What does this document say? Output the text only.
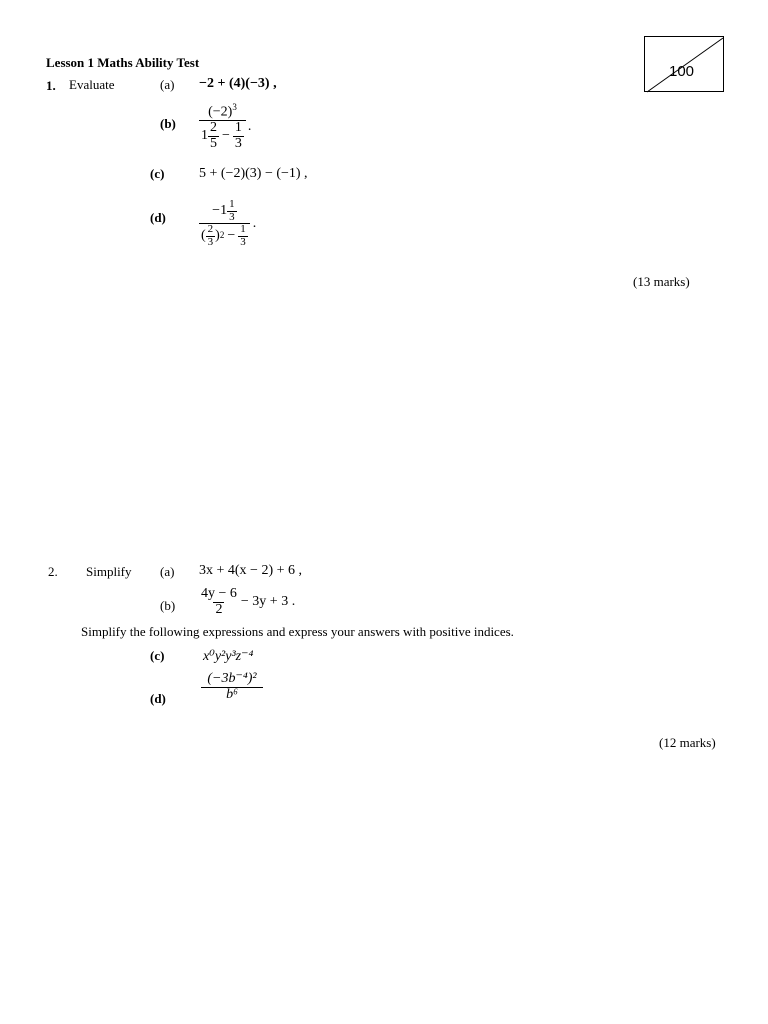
Lesson 1 Maths Ability Test
100
1. Evaluate	(a) −2 + (4)(−3) ,
(b)
$(-2)^3$
$1 \frac{2}{5} - \frac{1}{3}$ .
(c) 5 + (−2)(3) − (−1) ,
(d)	$-1 \frac{1}{3}$
( $\frac{2}{3}$ ) $2 - \frac{1}{3}$
.
(13 marks)
2. Simplify (a) 3x + 4(x − 2) + 6 ,
$(b) \frac{4y - 6}{2} - 3y + 3$ .
Simplify the following expressions and express your answers with positive indices.
(c)	x⁰y²y³z⁻⁴
(d)	$\frac{\text{(−3b⁻⁴)²}}{\text{b⁶}}$
(12 marks)
